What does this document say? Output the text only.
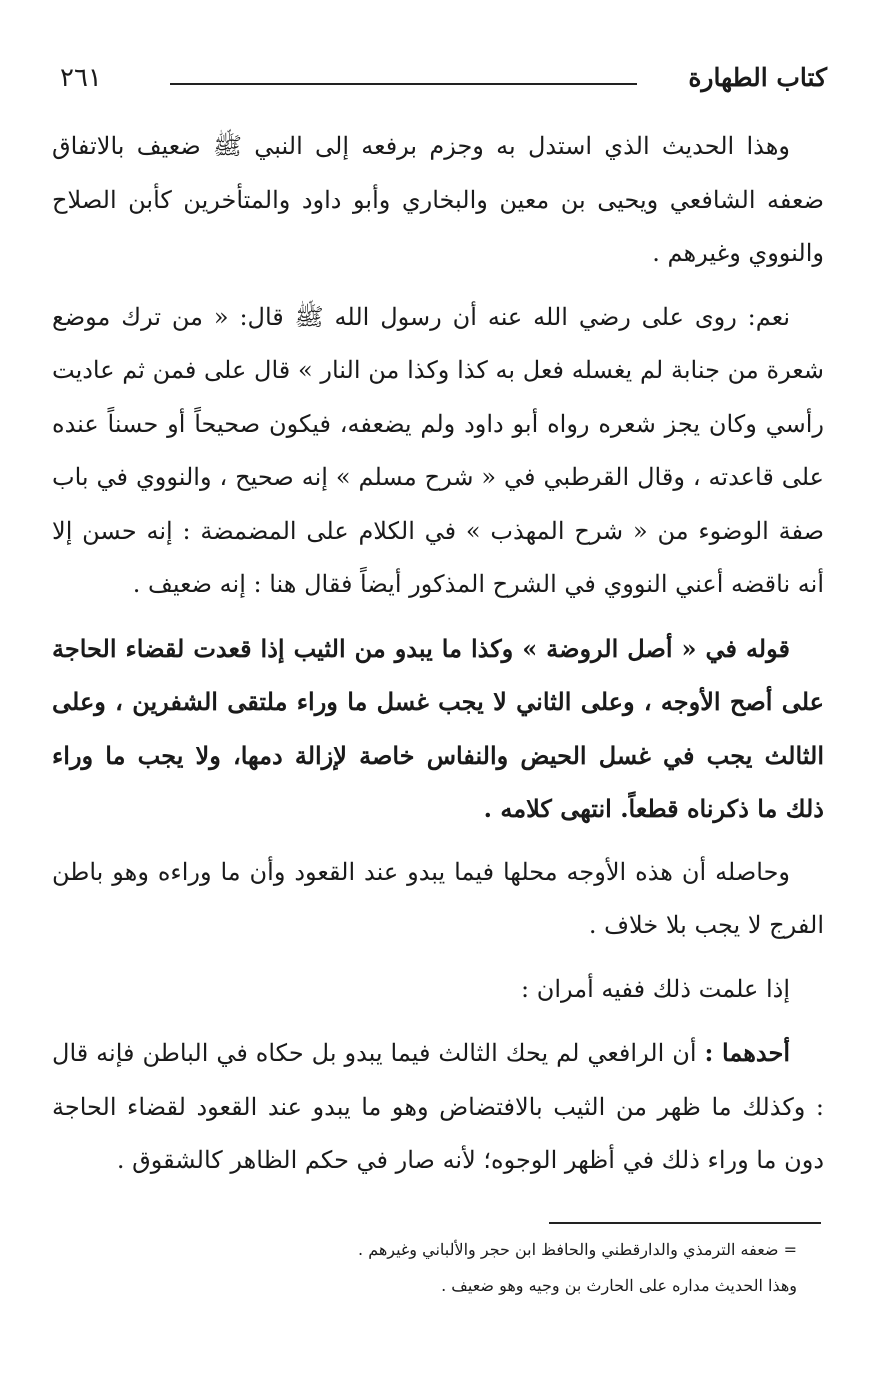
كتاب الطهارة
٢٦١

وهذا الحديث الذي استدل به وجزم برفعه إلى النبي ﷺ ضعيف بالاتفاق ضعفه الشافعي ويحيى بن معين والبخاري وأبو داود والمتأخرين كأبن الصلاح والنووي وغيرهم .

نعم: روى على رضي الله عنه أن رسول الله ﷺ قال: « من ترك موضع شعرة من جنابة لم يغسله فعل به كذا وكذا من النار » قال على فمن ثم عاديت رأسي وكان يجز شعره رواه أبو داود ولم يضعفه، فيكون صحيحاً أو حسناً عنده على قاعدته ، وقال القرطبي في « شرح مسلم » إنه صحيح ، والنووي في باب صفة الوضوء من « شرح المهذب » في الكلام على المضمضة : إنه حسن إلا أنه ناقضه أعني النووي في الشرح المذكور أيضاً فقال هنا : إنه ضعيف .

قوله في « أصل الروضة » وكذا ما يبدو من الثيب إذا قعدت لقضاء الحاجة على أصح الأوجه ، وعلى الثاني لا يجب غسل ما وراء ملتقى الشفرين ، وعلى الثالث يجب في غسل الحيض والنفاس خاصة لإزالة دمها، ولا يجب ما وراء ذلك ما ذكرناه قطعاً. انتهى كلامه .

وحاصله أن هذه الأوجه محلها فيما يبدو عند القعود وأن ما وراءه وهو باطن الفرج لا يجب بلا خلاف .

إذا علمت ذلك ففيه أمران :

أحدهما : أن الرافعي لم يحك الثالث فيما يبدو بل حكاه في الباطن فإنه قال : وكذلك ما ظهر من الثيب بالافتضاض وهو ما يبدو عند القعود لقضاء الحاجة دون ما وراء ذلك في أظهر الوجوه؛ لأنه صار في حكم الظاهر كالشقوق .

= ضعفه الترمذي والدارقطني والحافظ ابن حجر والألباني وغيرهم .
وهذا الحديث مداره على الحارث بن وجيه وهو ضعيف .
